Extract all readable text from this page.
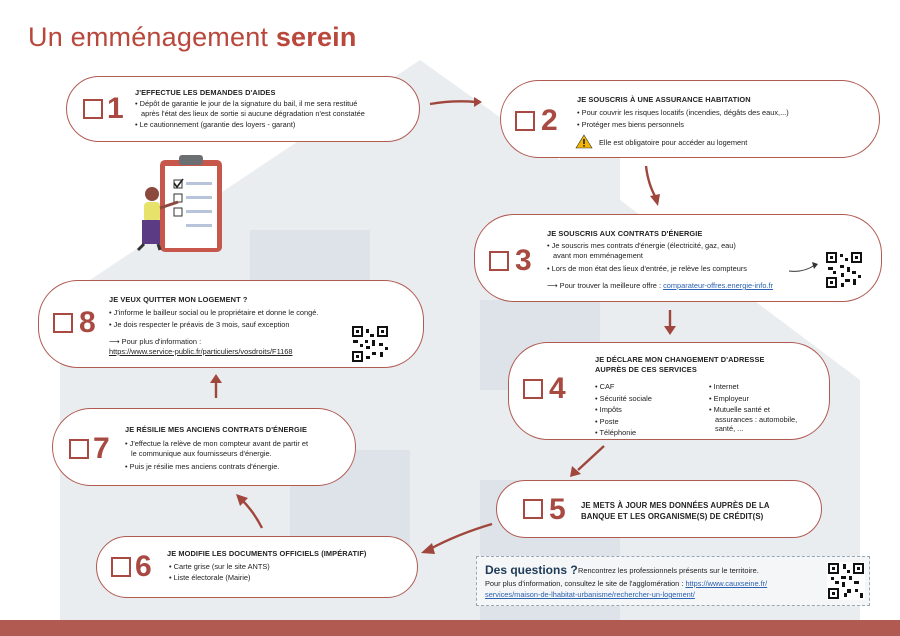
Un emménagement serein
1 J'EFFECTUE LES DEMANDES D'AIDES
• Dépôt de garantie le jour de la signature du bail, il me sera restitué
après l'état des lieux de sortie si aucune dégradation n'est constatée
• Le cautionnement (garantie des loyers - garant)	2
JE SOUSCRIS À UNE ASSURANCE HABITATION
• Pour couvrir les risques locatifs (incendies, dégâts des eaux,...)
• Protéger mes biens personnels
Elle est obligatoire pour accéder au logement
3
JE SOUSCRIS AUX CONTRATS D'ÉNERGIE
• Je souscris mes contrats d'énergie (électricité, gaz, eau)
avant mon emménagement
• Lors de mon état des lieux d'entrée, je relève les compteurs
⟶ Pour trouver la meilleure offre : comparateur-offres.energie-info.fr
4
JE DÉCLARE MON CHANGEMENT D'ADRESSE
AUPRÈS DE CES SERVICES
• CAF
• Sécurité sociale
• Impôts
• Poste
• Téléphonie
• Internet
• Employeur
• Mutuelle santé et
assurances : automobile,
santé, ...
5 JE METS À JOUR MES DONNÉES AUPRÈS DE LA
BANQUE ET LES ORGANISME(S) DE CRÉDIT(S)
6 JE MODIFIE LES DOCUMENTS OFFICIELS (IMPÉRATIF)
• Carte grise (sur le site ANTS)
• Liste électorale (Mairie)
7
JE RÉSILIE MES ANCIENS CONTRATS D'ÉNERGIE
• J'effectue la relève de mon compteur avant de partir et
le communique aux fournisseurs d'énergie.
• Puis je résilie mes anciens contrats d'énergie.
8
JE VEUX QUITTER MON LOGEMENT ?
• J'informe le bailleur social ou le propriétaire et donne le congé.
• Je dois respecter le préavis de 3 mois, sauf exception
⟶ Pour plus d'information :
https://www.service-public.fr/particuliers/vosdroits/F1168
Des questions ? Rencontrez les professionnels présents sur le territoire.
Pour plus d'information, consultez le site de l'agglomération : https://www.cauxseine.fr/
services/maison-de-lhabitat-urbanisme/rechercher-un-logement/
